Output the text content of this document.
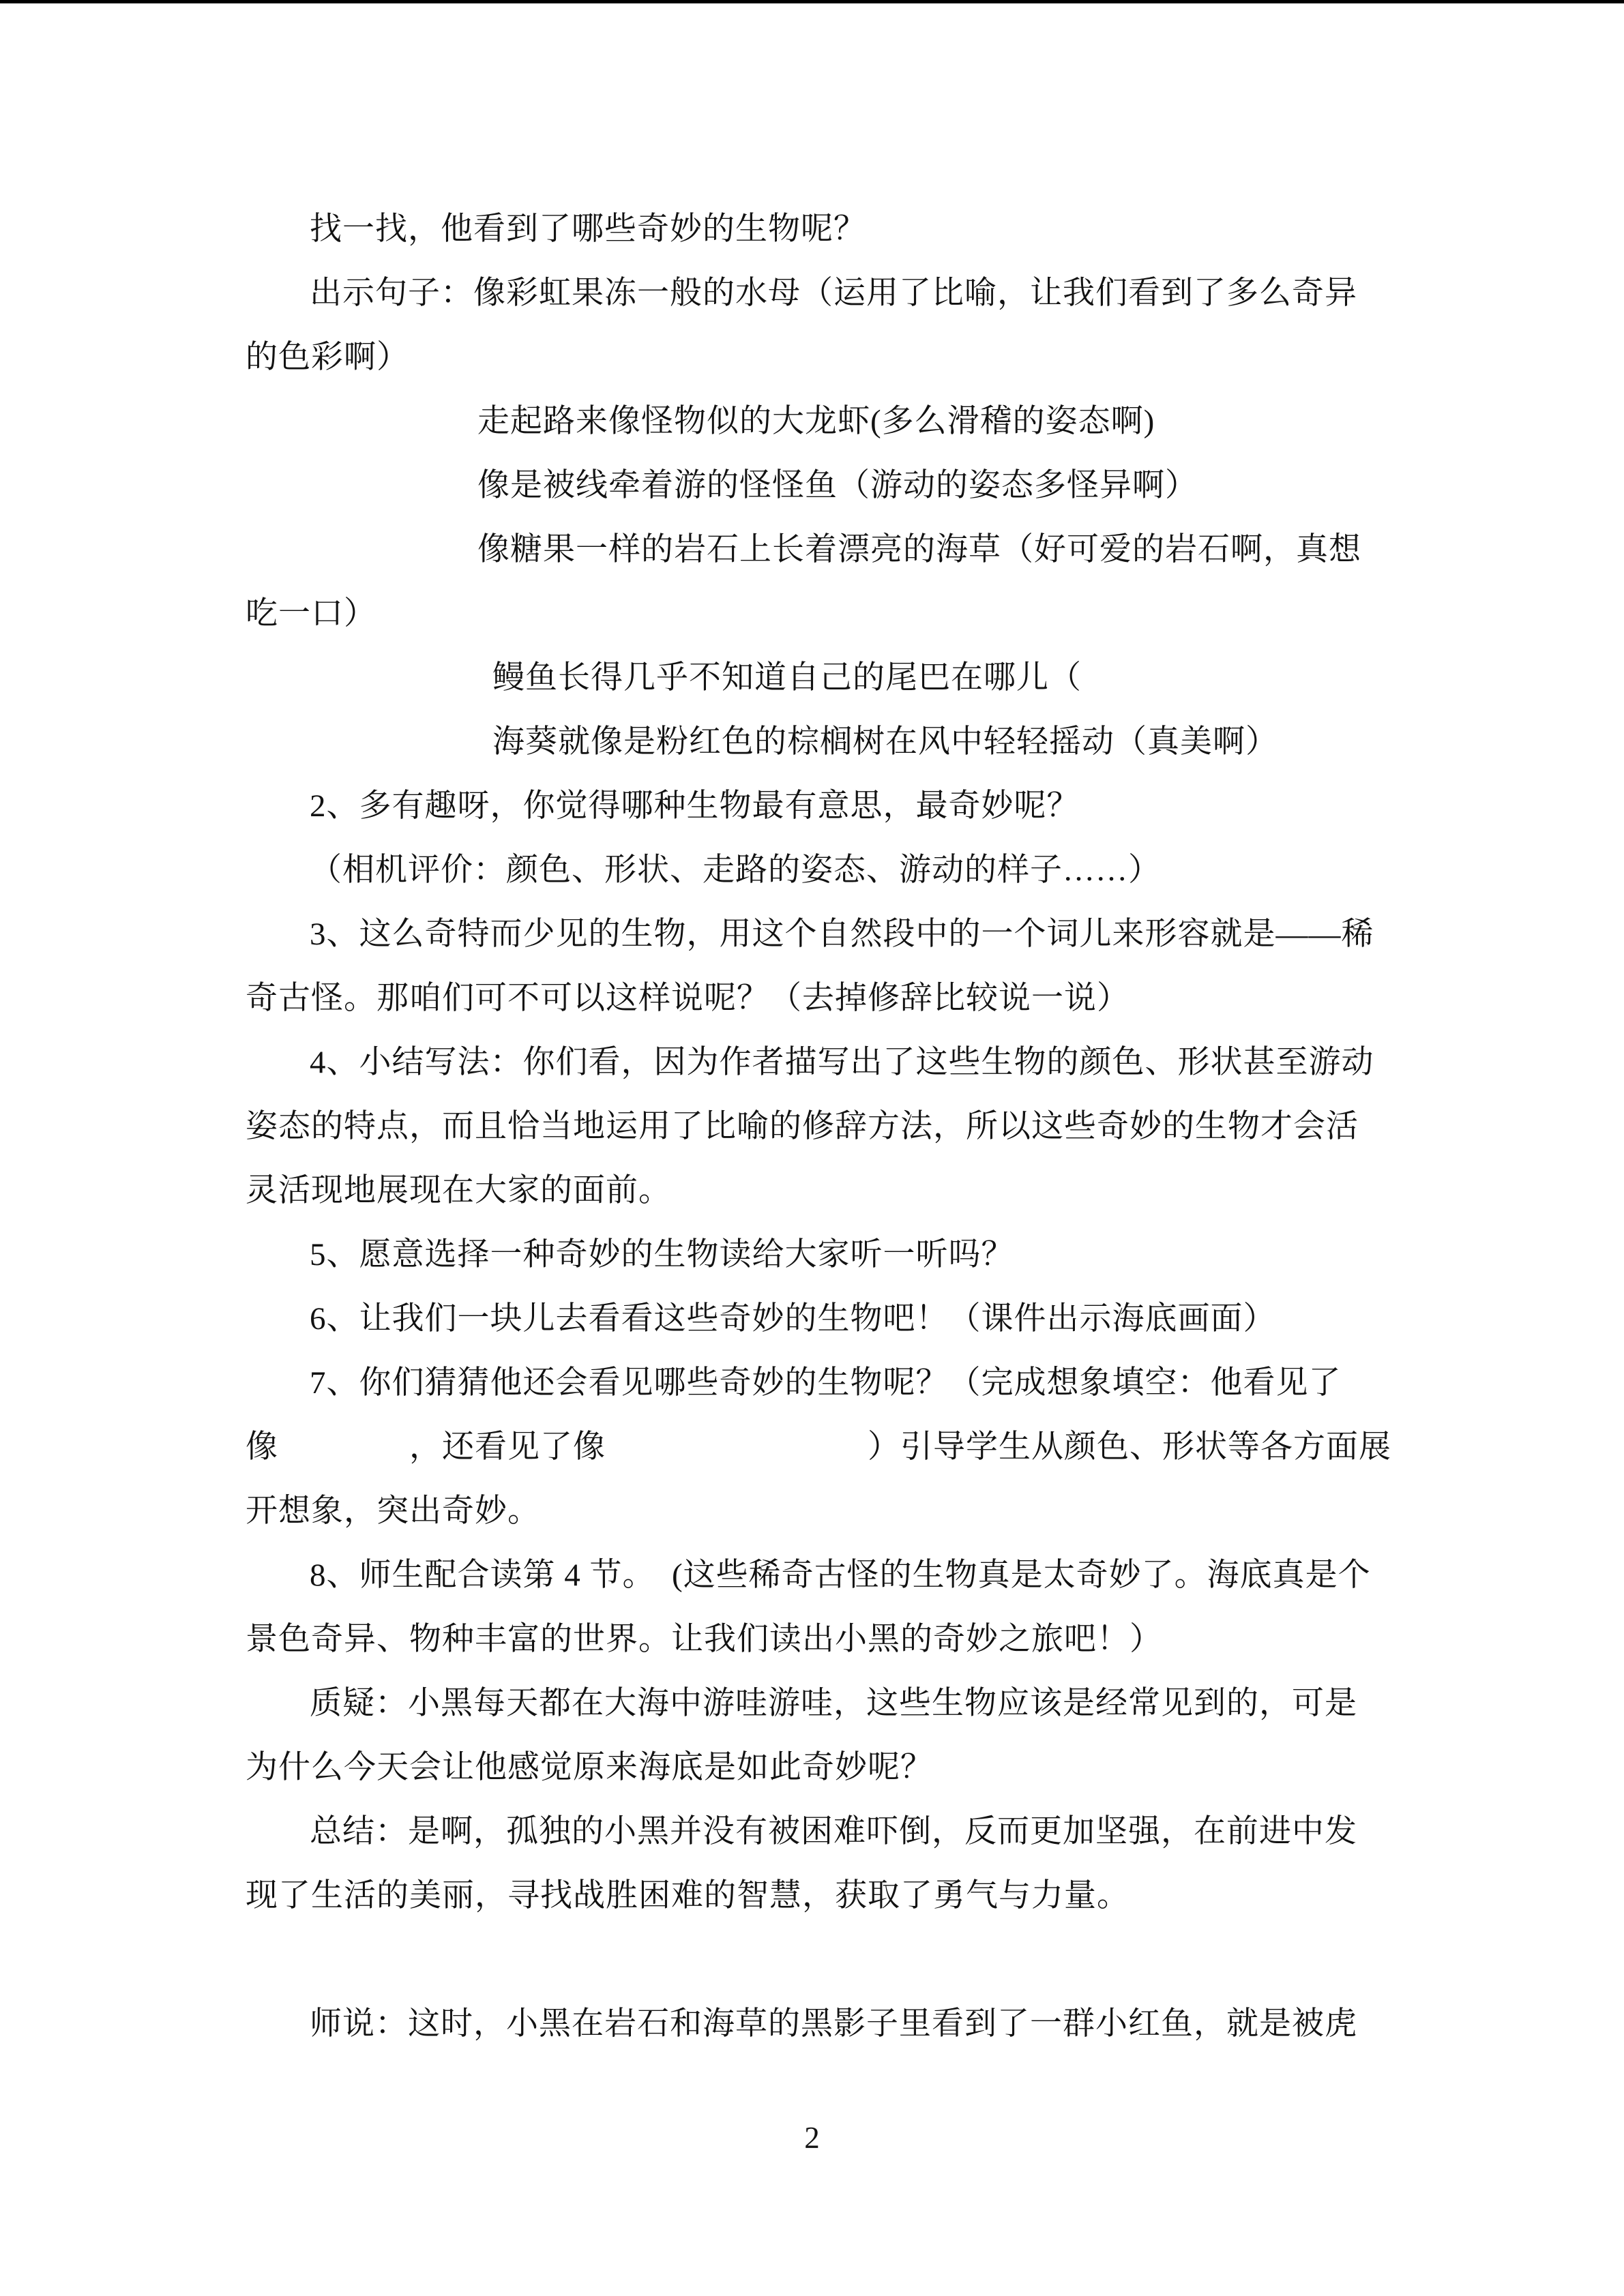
找一找，他看到了哪些奇妙的生物呢？

出示句子：像彩虹果冻一般的水母（运用了比喻，让我们看到了多么奇异

的色彩啊）

走起路来像怪物似的大龙虾(多么滑稽的姿态啊)

像是被线牵着游的怪怪鱼（游动的姿态多怪异啊）

像糖果一样的岩石上长着漂亮的海草（好可爱的岩石啊，真想

吃一口）

鳗鱼长得几乎不知道自己的尾巴在哪儿（

海葵就像是粉红色的棕榈树在风中轻轻摇动（真美啊）

2、多有趣呀，你觉得哪种生物最有意思，最奇妙呢？

（相机评价：颜色、形状、走路的姿态、游动的样子……）

3、这么奇特而少见的生物，用这个自然段中的一个词儿来形容就是——稀

奇古怪。那咱们可不可以这样说呢？（去掉修辞比较说一说）

4、小结写法：你们看，因为作者描写出了这些生物的颜色、形状甚至游动

姿态的特点，而且恰当地运用了比喻的修辞方法，所以这些奇妙的生物才会活

灵活现地展现在大家的面前。

5、愿意选择一种奇妙的生物读给大家听一听吗？

6、让我们一块儿去看看这些奇妙的生物吧！（课件出示海底画面）

7、你们猜猜他还会看见哪些奇妙的生物呢？（完成想象填空：他看见了

像　　　　，还看见了像　　　　　　　　）引导学生从颜色、形状等各方面展

开想象，突出奇妙。

8、师生配合读第 4 节。　(这些稀奇古怪的生物真是太奇妙了。海底真是个

景色奇异、物种丰富的世界。让我们读出小黑的奇妙之旅吧！）

质疑：小黑每天都在大海中游哇游哇，这些生物应该是经常见到的，可是

为什么今天会让他感觉原来海底是如此奇妙呢？

总结：是啊，孤独的小黑并没有被困难吓倒，反而更加坚强，在前进中发

现了生活的美丽，寻找战胜困难的智慧，获取了勇气与力量。

师说：这时，小黑在岩石和海草的黑影子里看到了一群小红鱼，就是被虎

2
